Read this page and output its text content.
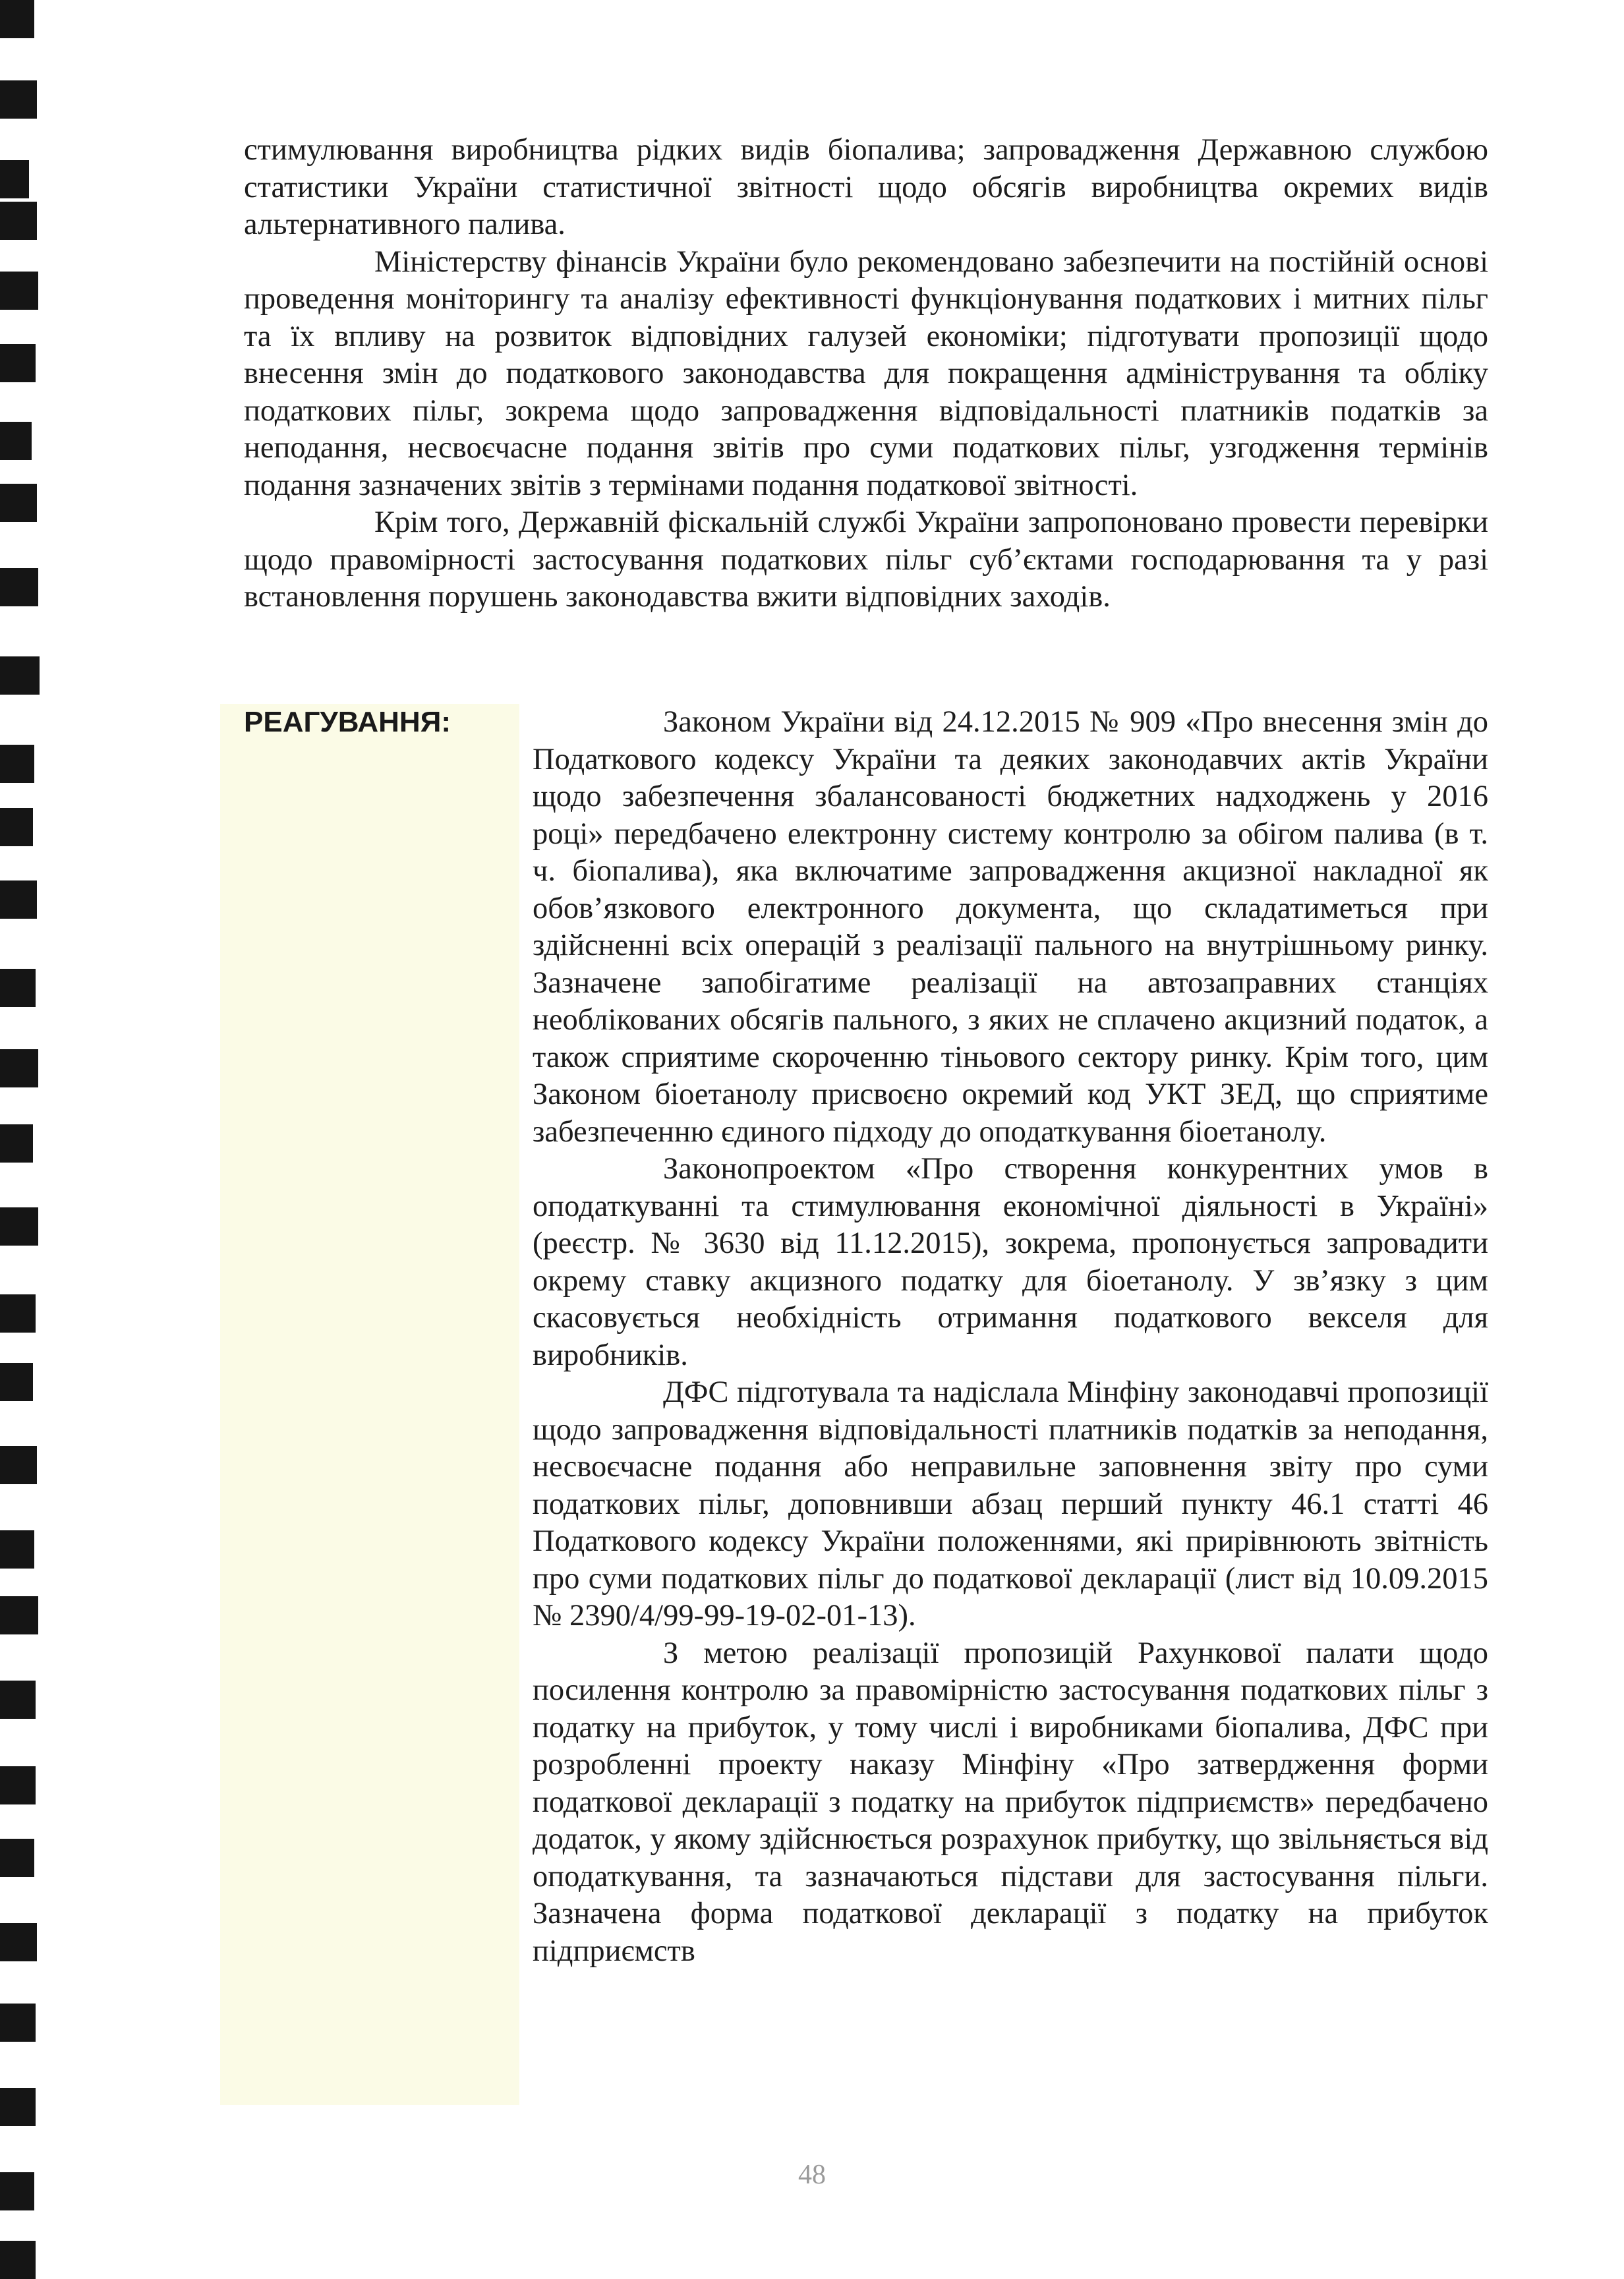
стимулювання виробництва рідких видів біопалива; запровадження Державною службою статистики України статистичної звітності щодо обсягів виробництва окремих видів альтернативного палива.

Міністерству фінансів України було рекомендовано забезпечити на постійній основі проведення моніторингу та аналізу ефективності функціонування податкових і митних пільг та їх впливу на розвиток відповідних галузей економіки; підготувати пропозиції щодо внесення змін до податкового законодавства для покращення адміністрування та обліку податкових пільг, зокрема щодо запровадження відповідальності платників податків за неподання, несвоєчасне подання звітів про суми податкових пільг, узгодження термінів подання зазначених звітів з термінами подання податкової звітності.

Крім того, Державній фіскальній службі України запропоновано провести перевірки щодо правомірності застосування податкових пільг суб’єктами господарювання та у разі встановлення порушень законодавства вжити відповідних заходів.

РЕАГУВАННЯ:	Законом України від 24.12.2015 № 909 «Про внесення змін до Податкового кодексу України та деяких законодавчих актів України щодо забезпечення збалансованості бюджетних надходжень у 2016 році» передбачено електронну систему контролю за обігом палива (в т. ч. біопалива), яка включатиме запровадження акцизної накладної як обов’язкового електронного документа, що складатиметься при здійсненні всіх операцій з реалізації пального на внутрішньому ринку. Зазначене запобігатиме реалізації на автозаправних станціях необлікованих обсягів пального, з яких не сплачено акцизний податок, а також сприятиме скороченню тіньового сектору ринку. Крім того, цим Законом біоетанолу присвоєно окремий код УКТ ЗЕД, що сприятиме забезпеченню єдиного підходу до оподаткування біоетанолу.

Законопроектом «Про створення конкурентних умов в оподаткуванні та стимулювання економічної діяльності в Україні» (реєстр. № 3630 від 11.12.2015), зокрема, пропонується запровадити окрему ставку акцизного податку для біоетанолу. У зв’язку з цим скасовується необхідність отримання податкового векселя для виробників.

ДФС підготувала та надіслала Мінфіну законодавчі пропозиції щодо запровадження відповідальності платників податків за неподання, несвоєчасне подання або неправильне заповнення звіту про суми податкових пільг, доповнивши абзац перший пункту 46.1 статті 46 Податкового кодексу України положеннями, які прирівнюють звітність про суми податкових пільг до податкової декларації (лист від 10.09.2015 № 2390/4/99-99-19-02-01-13).

З метою реалізації пропозицій Рахункової палати щодо посилення контролю за правомірністю застосування податкових пільг з податку на прибуток, у тому числі і виробниками біопалива, ДФС при розробленні проекту наказу Мінфіну «Про затвердження форми податкової декларації з податку на прибуток підприємств» передбачено додаток, у якому здійснюється розрахунок прибутку, що звільняється від оподаткування, та зазначаються підстави для застосування пільги. Зазначена форма податкової декларації з податку на прибуток підприємств

48
